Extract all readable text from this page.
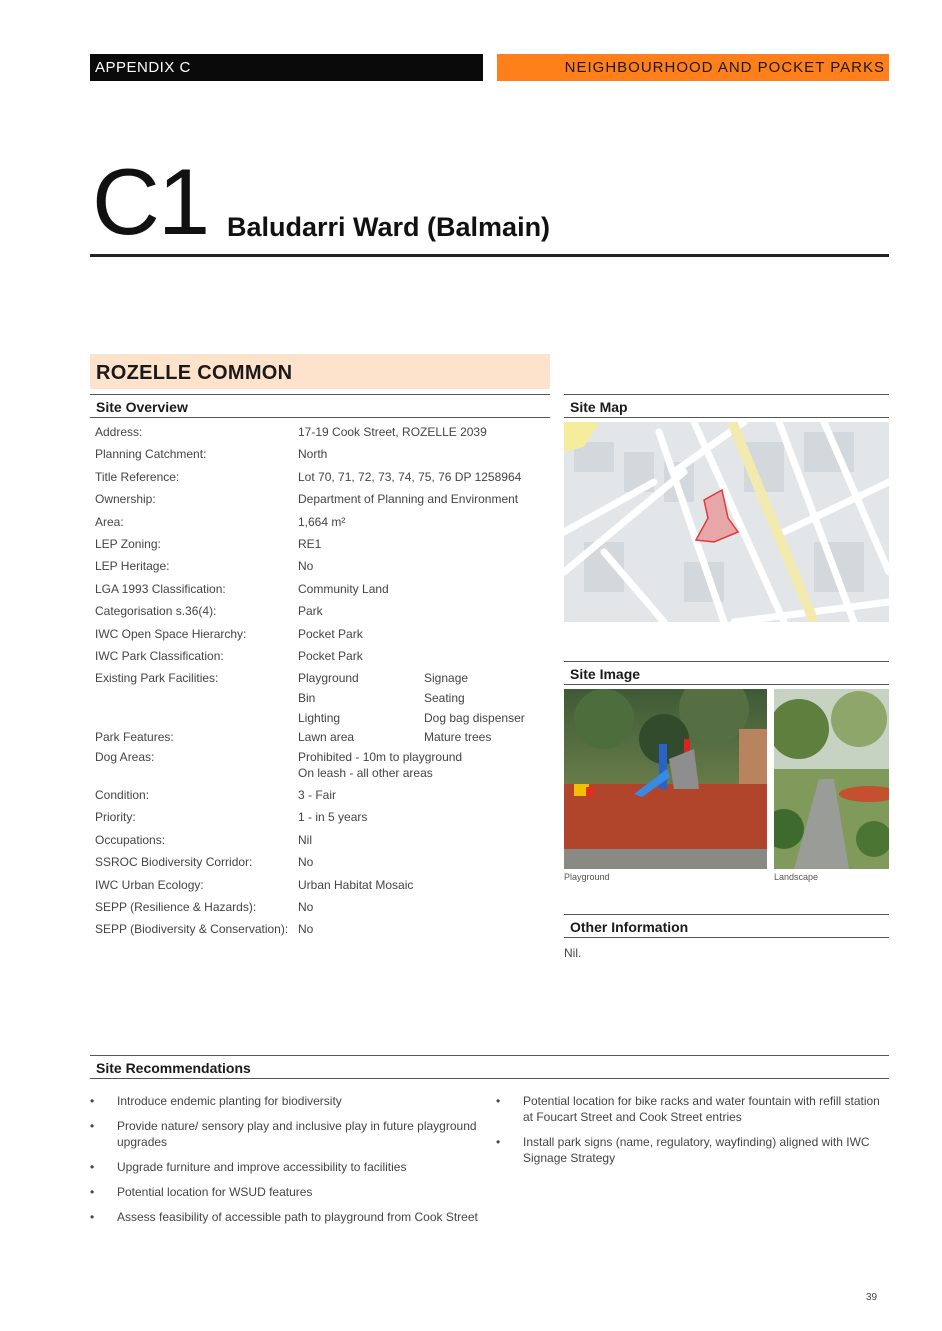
APPENDIX C	NEIGHBOURHOOD AND POCKET PARKS
C1 Baludarri Ward (Balmain)
ROZELLE COMMON
Site Overview
Address:	17-19 Cook Street, ROZELLE 2039
Planning Catchment:	North
Title Reference:	Lot 70, 71, 72, 73, 74, 75, 76 DP 1258964
Ownership:	Department of Planning and Environment
Area:	1,664 m²
LEP Zoning:	RE1
LEP Heritage:	No
LGA 1993 Classification:	Community Land
Categorisation s.36(4):	Park
IWC Open Space Hierarchy:	Pocket Park
IWC Park Classification:	Pocket Park
Existing Park Facilities:	Playground	Signage
Bin	Seating
Lighting	Dog bag dispenser
Park Features:	Lawn area	Mature trees
Dog Areas:	Prohibited - 10m to playground
On leash - all other areas
Condition:	3 - Fair
Priority:	1 - in 5 years
Occupations:	Nil
SSROC Biodiversity Corridor:	No
IWC Urban Ecology:	Urban Habitat Mosaic
SEPP (Resilience & Hazards):	No
SEPP (Biodiversity & Conservation): No
Site Map
Site Image
Playground	Landscape
Other Information
Nil.
Site Recommendations
• Introduce endemic planting for biodiversity
• Provide nature/ sensory play and inclusive play in future playground
upgrades
• Upgrade furniture and improve accessibility to facilities
• Potential location for WSUD features
• Assess feasibility of accessible path to playground from Cook Street
• Potential location for bike racks and water fountain with refill station
at Foucart Street and Cook Street entries
• Install park signs (name, regulatory, wayfinding) aligned with IWC
Signage Strategy
39
